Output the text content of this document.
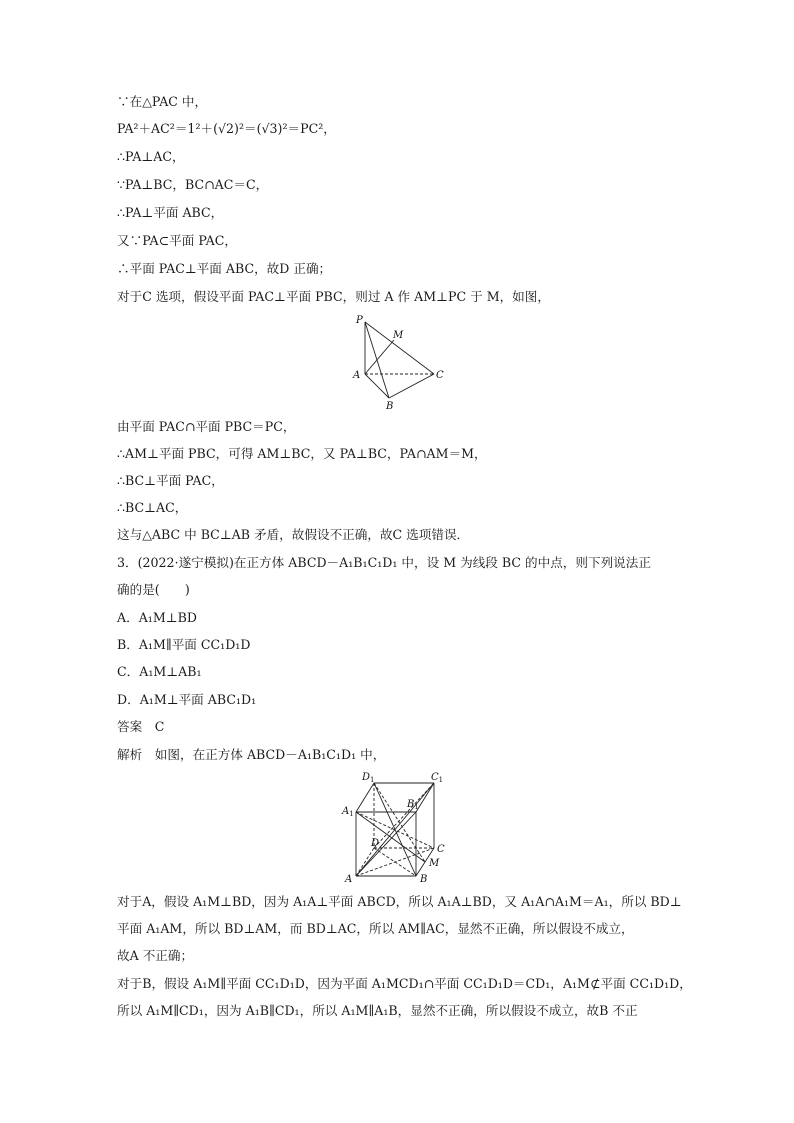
∵在△PAC 中，
PA²＋AC²＝1²＋(√2)²＝(√3)²＝PC²，
∴PA⊥AC，
∵PA⊥BC，BC∩AC＝C，
∴PA⊥平面 ABC，
又∵PA⊂平面 PAC，
∴平面 PAC⊥平面 ABC，故D 正确；
对于C 选项，假设平面 PAC⊥平面 PBC，则过 A 作 AM⊥PC 于 M，如图，
P
M
A	C
B
由平面 PAC∩平面 PBC＝PC，
∴AM⊥平面 PBC，可得 AM⊥BC，又 PA⊥BC，PA∩AM＝M，
∴BC⊥平面 PAC，
∴BC⊥AC，
这与△ABC 中 BC⊥AB 矛盾，故假设不正确，故C 选项错误．
3．(2022·遂宁模拟)在正方体 ABCD－A₁B₁C₁D₁ 中，设 M 为线段 BC 的中点，则下列说法正
确的是(　　)
A．A₁M⊥BD
B．A₁M∥平面 CC₁D₁D
C．A₁M⊥AB₁
D．A₁M⊥平面 ABC₁D₁
答案　C
解析　如图，在正方体 ABCD－A₁B₁C₁D₁ 中，
$D_1$	$C_1$
$B_1$
$A_1$
D
C
M
A	B
对于A，假设 A₁M⊥BD，因为 A₁A⊥平面 ABCD，所以 A₁A⊥BD，又 A₁A∩A₁M＝A₁，所以 BD⊥
平面 A₁AM，所以 BD⊥AM，而 BD⊥AC，所以 AM∥AC，显然不正确，所以假设不成立，
故A 不正确；
对于B，假设 A₁M∥平面 CC₁D₁D，因为平面 A₁MCD₁∩平面 CC₁D₁D＝CD₁，A₁M⊄平面 CC₁D₁D，
所以 A₁M∥CD₁，因为 A₁B∥CD₁，所以 A₁M∥A₁B，显然不正确，所以假设不成立，故B 不正
